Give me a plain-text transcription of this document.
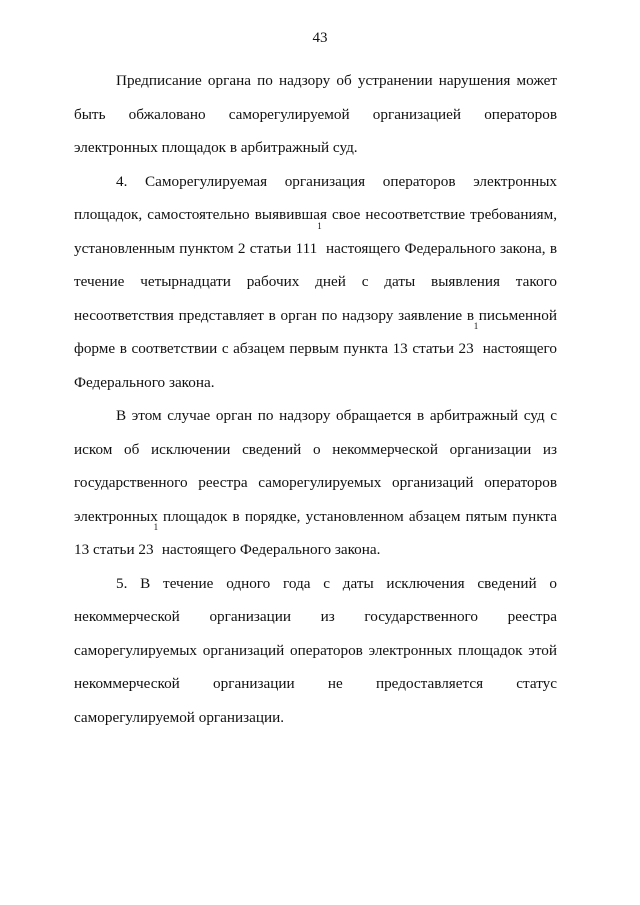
43
Предписание органа по надзору об устранении нарушения может
быть обжаловано саморегулируемой организацией операторов
электронных площадок в арбитражный суд.
4. Саморегулируемая организация операторов электронных
площадок, самостоятельно выявившая свое несоответствие требованиям,
установленным пунктом 2 статьи $111^1$ настоящего Федерального закона, в
течение четырнадцати рабочих дней с даты выявления такого
несоответствия представляет в орган по надзору заявление в письменной
форме в соответствии с абзацем первым пункта 13 статьи $23^1$ настоящего
Федерального закона.
В этом случае орган по надзору обращается в арбитражный суд с
иском об исключении сведений о некоммерческой организации из
государственного реестра саморегулируемых организаций операторов
электронных площадок в порядке, установленном абзацем пятым пункта
13 статьи $23^1$ настоящего Федерального закона.
5. В течение одного года с даты исключения сведений о
некоммерческой организации из государственного реестра
саморегулируемых организаций операторов электронных площадок этой
некоммерческой организации не предоставляется статус
саморегулируемой организации.
